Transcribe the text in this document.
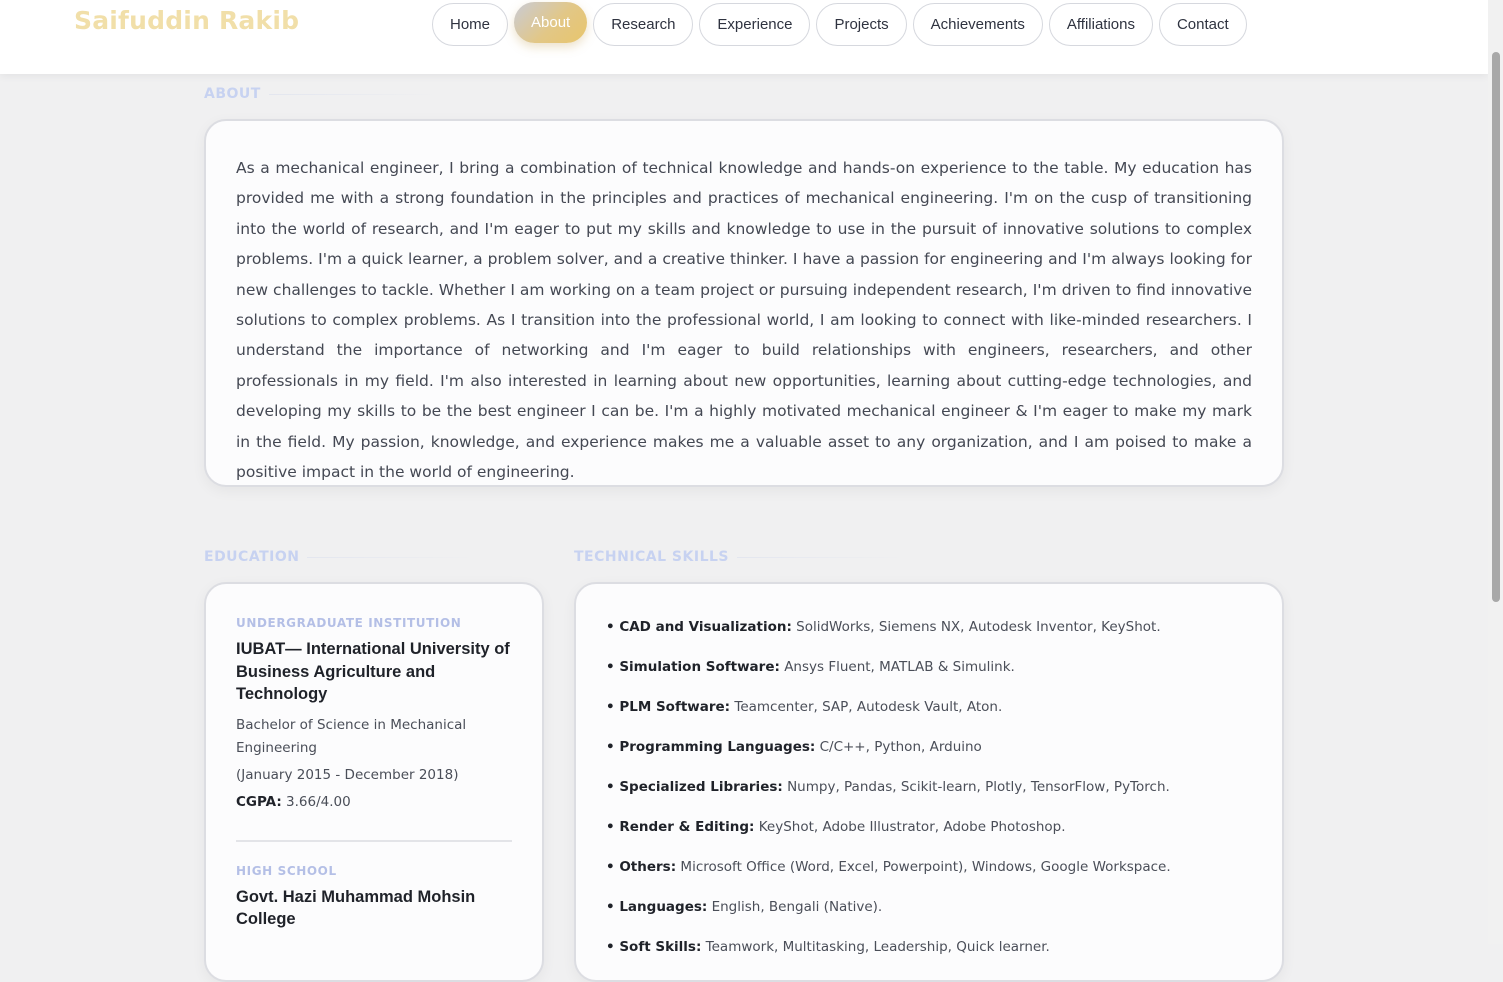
Saifuddin Rakib	Home	About	Research	Experience	Projects	Achievements	Affiliations	Contact
ABOUT

As a mechanical engineer, I bring a combination of technical knowledge and hands-on experience to the table. My education has provided me with a strong foundation in the principles and practices of mechanical engineering. I'm on the cusp of transitioning into the world of research, and I'm eager to put my skills and knowledge to use in the pursuit of innovative solutions to complex problems. I'm a quick learner, a problem solver, and a creative thinker. I have a passion for engineering and I'm always looking for new challenges to tackle. Whether I am working on a team project or pursuing independent research, I'm driven to find innovative solutions to complex problems. As I transition into the professional world, I am looking to connect with like-minded researchers. I understand the importance of networking and I'm eager to build relationships with engineers, researchers, and other professionals in my field. I'm also interested in learning about new opportunities, learning about cutting-edge technologies, and developing my skills to be the best engineer I can be. I'm a highly motivated mechanical engineer & I'm eager to make my mark in the field. My passion, knowledge, and experience makes me a valuable asset to any organization, and I am poised to make a positive impact in the world of engineering.

EDUCATION
UNDERGRADUATE INSTITUTION
IUBAT— International University of Business Agriculture and Technology
Bachelor of Science in Mechanical Engineering
(January 2015 - December 2018)
CGPA: 3.66/4.00
HIGH SCHOOL
Govt. Hazi Muhammad Mohsin College
TECHNICAL SKILLS
• CAD and Visualization: SolidWorks, Siemens NX, Autodesk Inventor, KeyShot.
• Simulation Software: Ansys Fluent, MATLAB & Simulink.
• PLM Software: Teamcenter, SAP, Autodesk Vault, Aton.
• Programming Languages: C/C++, Python, Arduino
• Specialized Libraries: Numpy, Pandas, Scikit-learn, Plotly, TensorFlow, PyTorch.
• Render & Editing: KeyShot, Adobe Illustrator, Adobe Photoshop.
• Others: Microsoft Office (Word, Excel, Powerpoint), Windows, Google Workspace.
• Languages: English, Bengali (Native).
• Soft Skills: Teamwork, Multitasking, Leadership, Quick learner.
